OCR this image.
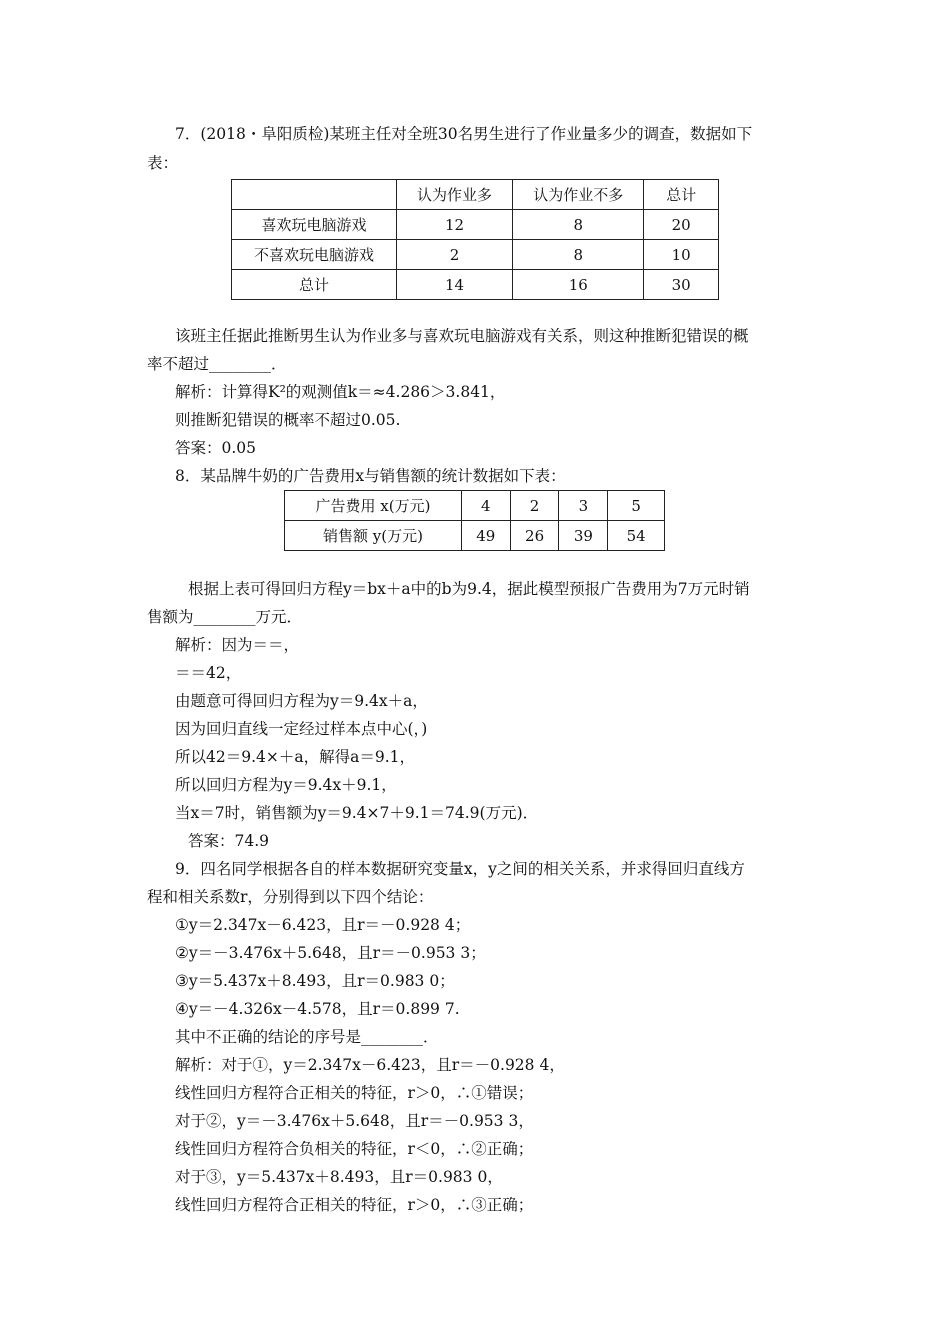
7．(2018・阜阳质检)某班主任对全班30名男生进行了作业量多少的调查，数据如下
表：
	认为作业多	认为作业不多	总计
喜欢玩电脑游戏	12	8	20
不喜欢玩电脑游戏	2	8	10
总计	14	16	30
该班主任据此推断男生认为作业多与喜欢玩电脑游戏有关系，则这种推断犯错误的概
率不超过________．
解析：计算得K²的观测值k＝≈4.286＞3.841，
则推断犯错误的概率不超过0.05.
答案：0.05
8．某品牌牛奶的广告费用x与销售额的统计数据如下表：
广告费用 x(万元)	4	2	3	5
销售额 y(万元)	49	26	39	54
根据上表可得回归方程y＝bx＋a中的b为9.4，据此模型预报广告费用为7万元时销
售额为________万元．
解析：因为＝＝，
＝＝42，
由题意可得回归方程为y＝9.4x＋a，
因为回归直线一定经过样本点中心(，)
所以42＝9.4×＋a，解得a＝9.1，
所以回归方程为y＝9.4x＋9.1，
当x＝7时，销售额为y＝9.4×7＋9.1＝74.9(万元)．
答案：74.9
9．四名同学根据各自的样本数据研究变量x，y之间的相关关系，并求得回归直线方
程和相关系数r，分别得到以下四个结论：
①y＝2.347x－6.423，且r＝－0.928 4；
②y＝－3.476x＋5.648，且r＝－0.953 3；
③y＝5.437x＋8.493，且r＝0.983 0；
④y＝－4.326x－4.578，且r＝0.899 7.
其中不正确的结论的序号是________．
解析：对于①，y＝2.347x－6.423，且r＝－0.928 4，
线性回归方程符合正相关的特征，r＞0，∴①错误；
对于②，y＝－3.476x＋5.648，且r＝－0.953 3，
线性回归方程符合负相关的特征，r＜0，∴②正确；
对于③，y＝5.437x＋8.493，且r＝0.983 0，
线性回归方程符合正相关的特征，r＞0，∴③正确；
